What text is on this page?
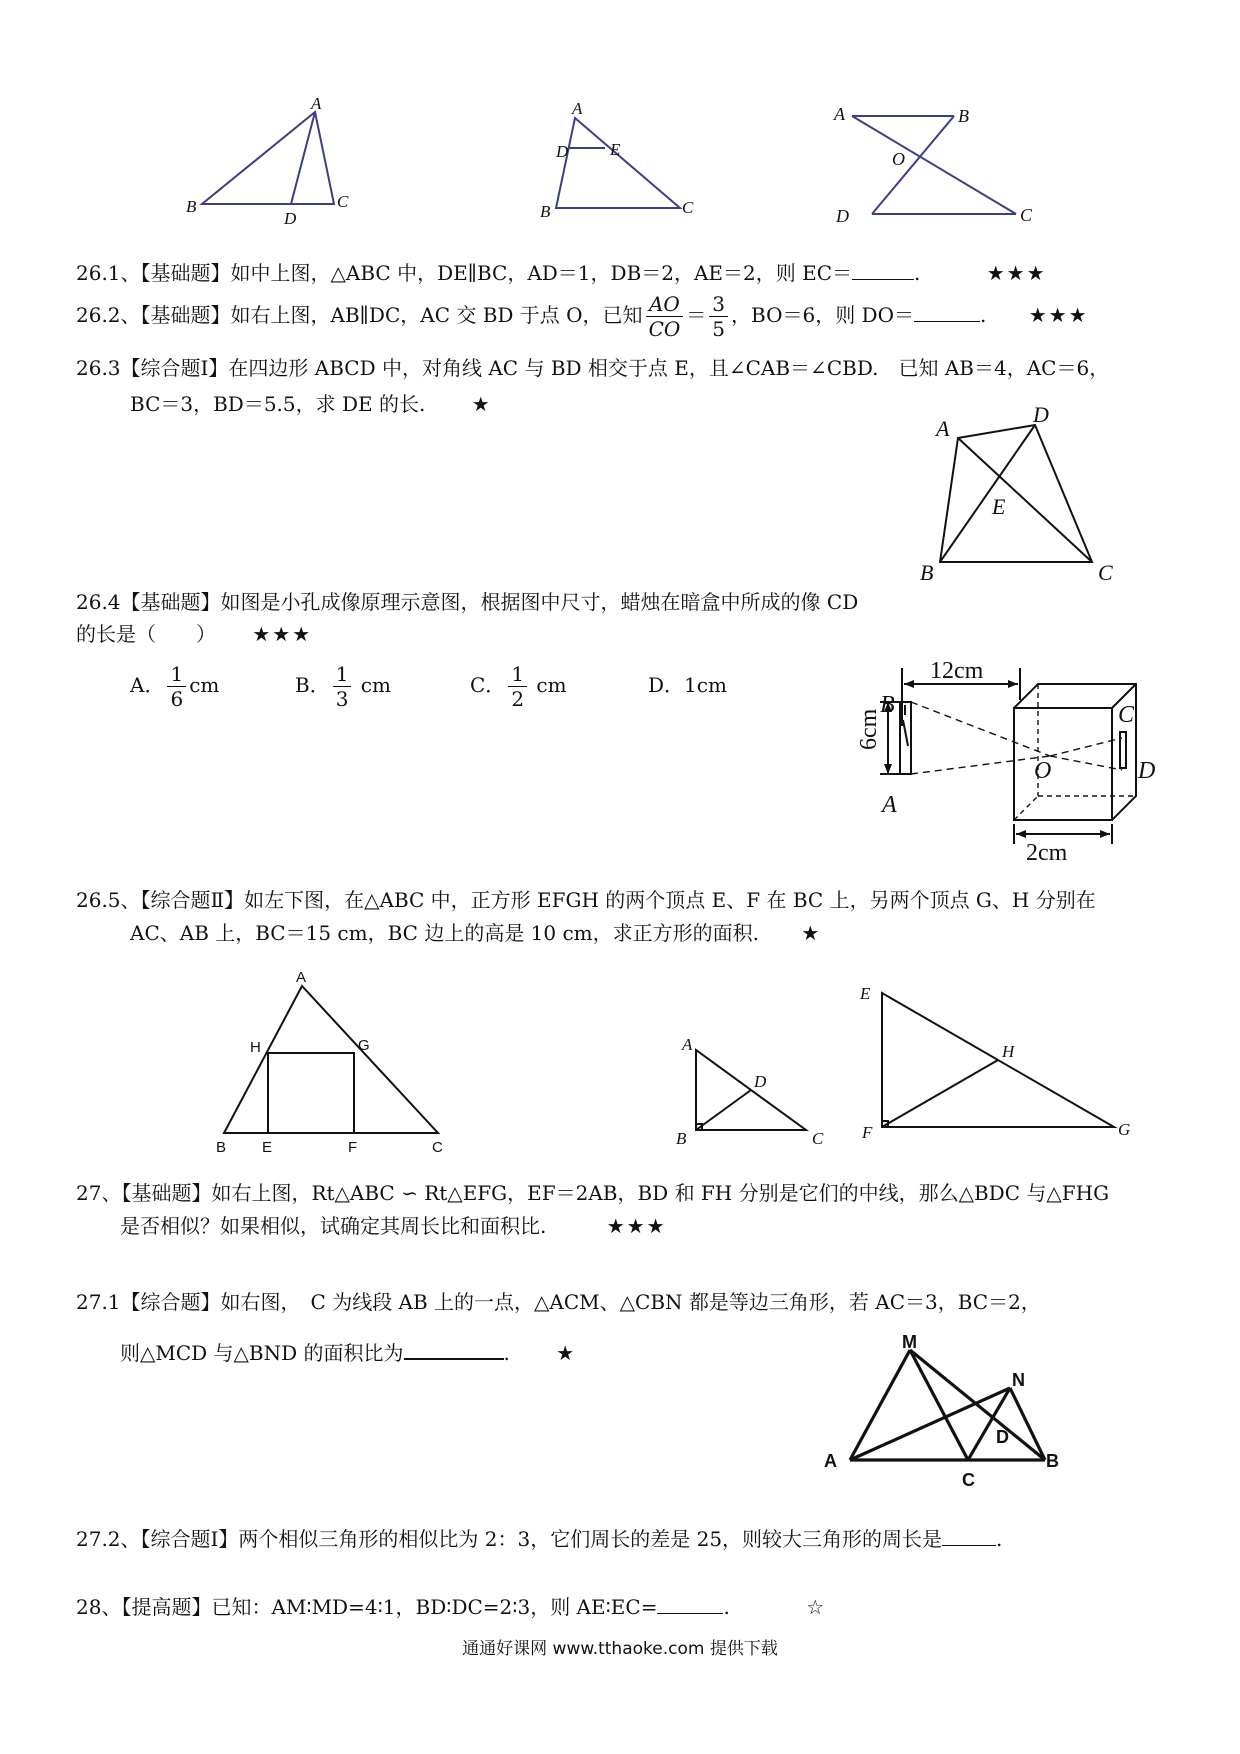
A
B	C
D
A
D E
B	C
A	B
O
D	C
26.1、【基础题】如中上图，△ABC 中，DE∥BC，AD＝1，DB＝2，AE＝2，则 EC＝	.	★★★
26.2、【基础题】如右上图，AB∥DC，AC 交 BD 于点 O，已知 $\frac{AO}{CO} = \frac{3}{5}$ ，BO＝6，则 DO＝	. ★★★
26.3【综合题Ⅰ】在四边形 ABCD 中，对角线 AC 与 BD 相交于点 E，且∠CAB＝∠CBD.　已知 AB＝4，AC＝6，
BC＝3，BD＝5.5，求 DE 的长. ★
A
D
E
B	C
26.4【基础题】如图是小孔成像原理示意图，根据图中尺寸，蜡烛在暗盒中所成的像 CD
的长是（　　） ★★★
A． $\frac{1}{6}$ cm	B． $\frac{1}{3}$ cm	C． $\frac{1}{2}$ cm	D．1cm
12cm
6cm
2cm
B
A
O
C
D
26.5、【综合题Ⅱ】如左下图，在△ABC 中，正方形 EFGH 的两个顶点 E、F 在 BC 上，另两个顶点 G、H 分别在
AC、AB 上，BC＝15 cm，BC 边上的高是 10 cm，求正方形的面积. ★
A
H	G
B E	F	C
A
D
B	C
E
H
F	G
27、【基础题】如右上图，Rt△ABC ∽ Rt△EFG，EF＝2AB，BD 和 FH 分别是它们的中线，那么△BDC 与△FHG
是否相似？如果相似，试确定其周长比和面积比.	★★★
27.1【综合题】如右图，　C 为线段 AB 上的一点，△ACM、△CBN 都是等边三角形，若 AC＝3，BC＝2，
则△MCD 与△BND 的面积比为	. ★	M
N
A
D
C
B
27.2、【综合题Ⅰ】两个相似三角形的相似比为 2：3，它们周长的差是 25，则较大三角形的周长是	.
28、【提高题】已知：AM∶MD=4∶1，BD∶DC=2∶3，则 AE∶EC=	.	☆
通通好课网 www.tthaoke.com 提供下载
